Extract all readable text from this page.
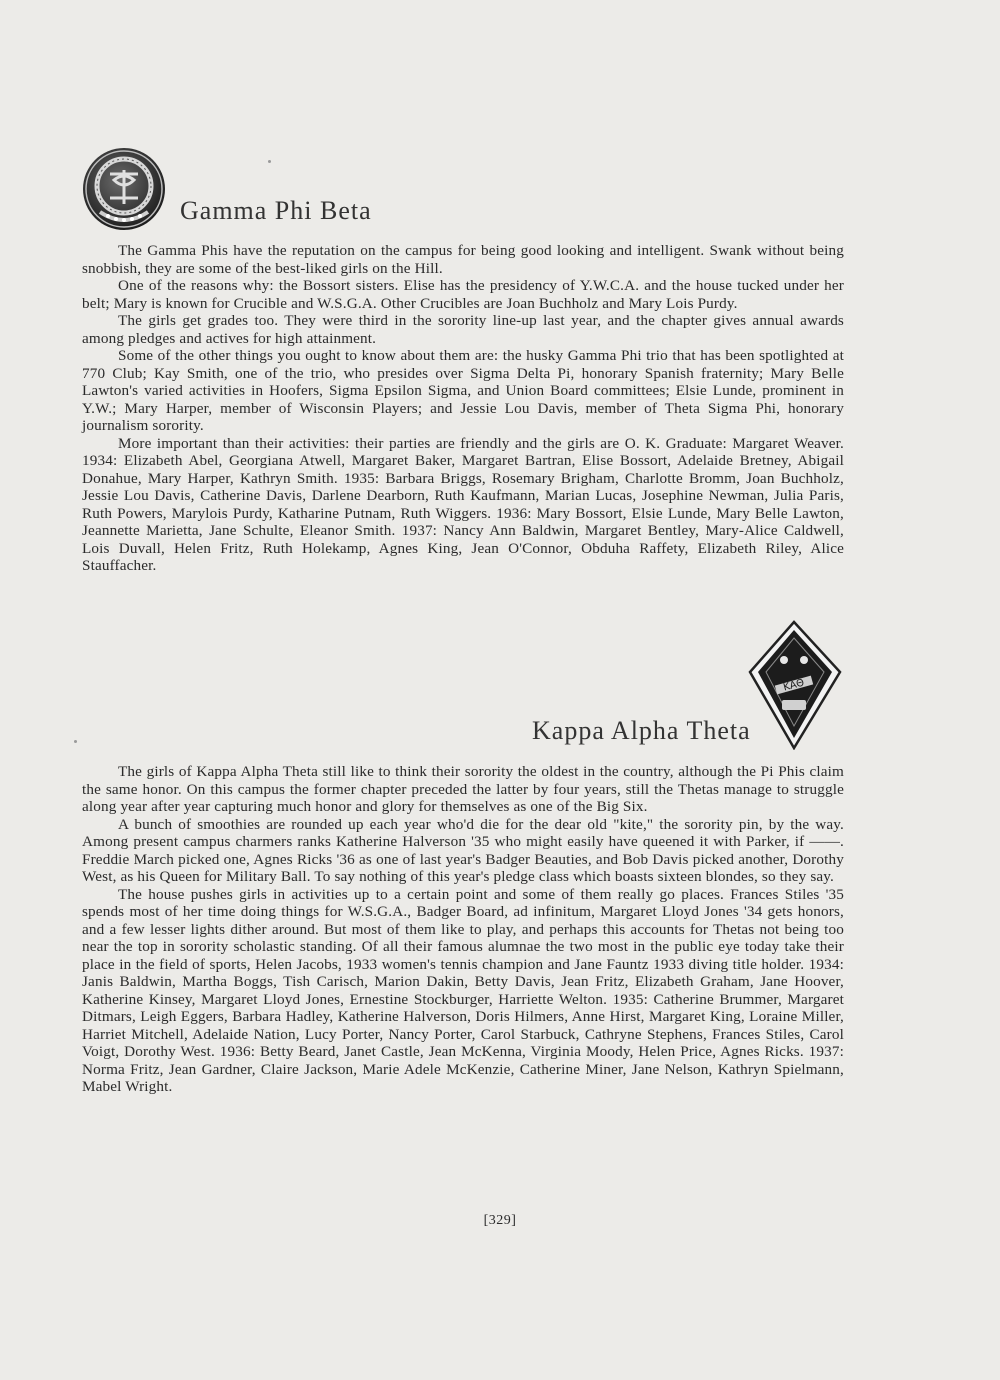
Gamma Phi Beta

The Gamma Phis have the reputation on the campus for being good looking and intelligent. Swank without being snobbish, they are some of the best-liked girls on the Hill.

One of the reasons why: the Bossort sisters. Elise has the presidency of Y.W.C.A. and the house tucked under her belt; Mary is known for Crucible and W.S.G.A. Other Crucibles are Joan Buchholz and Mary Lois Purdy.

The girls get grades too. They were third in the sorority line-up last year, and the chapter gives annual awards among pledges and actives for high attainment.

Some of the other things you ought to know about them are: the husky Gamma Phi trio that has been spotlighted at 770 Club; Kay Smith, one of the trio, who presides over Sigma Delta Pi, honorary Spanish fraternity; Mary Belle Lawton's varied activities in Hoofers, Sigma Epsilon Sigma, and Union Board committees; Elsie Lunde, prominent in Y.W.; Mary Harper, member of Wisconsin Players; and Jessie Lou Davis, member of Theta Sigma Phi, honorary journalism sorority.

More important than their activities: their parties are friendly and the girls are O. K. Graduate: Margaret Weaver. 1934: Elizabeth Abel, Georgiana Atwell, Margaret Baker, Margaret Bartran, Elise Bossort, Adelaide Bretney, Abigail Donahue, Mary Harper, Kathryn Smith. 1935: Barbara Briggs, Rosemary Brigham, Charlotte Bromm, Joan Buchholz, Jessie Lou Davis, Catherine Davis, Darlene Dearborn, Ruth Kaufmann, Marian Lucas, Josephine Newman, Julia Paris, Ruth Powers, Marylois Purdy, Katharine Putnam, Ruth Wiggers. 1936: Mary Bossort, Elsie Lunde, Mary Belle Lawton, Jeannette Marietta, Jane Schulte, Eleanor Smith. 1937: Nancy Ann Baldwin, Margaret Bentley, Mary-Alice Caldwell, Lois Duvall, Helen Fritz, Ruth Holekamp, Agnes King, Jean O'Connor, Obduha Raffety, Elizabeth Riley, Alice Stauffacher.

ΚΑΘ
Kappa Alpha Theta

The girls of Kappa Alpha Theta still like to think their sorority the oldest in the country, although the Pi Phis claim the same honor. On this campus the former chapter preceded the latter by four years, still the Thetas manage to struggle along year after year capturing much honor and glory for themselves as one of the Big Six.

A bunch of smoothies are rounded up each year who'd die for the dear old "kite," the sorority pin, by the way. Among present campus charmers ranks Katherine Halverson '35 who might easily have queened it with Parker, if ——. Freddie March picked one, Agnes Ricks '36 as one of last year's Badger Beauties, and Bob Davis picked another, Dorothy West, as his Queen for Military Ball. To say nothing of this year's pledge class which boasts sixteen blondes, so they say.

The house pushes girls in activities up to a certain point and some of them really go places. Frances Stiles '35 spends most of her time doing things for W.S.G.A., Badger Board, ad infinitum, Margaret Lloyd Jones '34 gets honors, and a few lesser lights dither around. But most of them like to play, and perhaps this accounts for Thetas not being too near the top in sorority scholastic standing. Of all their famous alumnae the two most in the public eye today take their place in the field of sports, Helen Jacobs, 1933 women's tennis champion and Jane Fauntz 1933 diving title holder. 1934: Janis Baldwin, Martha Boggs, Tish Carisch, Marion Dakin, Betty Davis, Jean Fritz, Elizabeth Graham, Jane Hoover, Katherine Kinsey, Margaret Lloyd Jones, Ernestine Stockburger, Harriette Welton. 1935: Catherine Brummer, Margaret Ditmars, Leigh Eggers, Barbara Hadley, Katherine Halverson, Doris Hilmers, Anne Hirst, Margaret King, Loraine Miller, Harriet Mitchell, Adelaide Nation, Lucy Porter, Nancy Porter, Carol Starbuck, Cathryne Stephens, Frances Stiles, Carol Voigt, Dorothy West. 1936: Betty Beard, Janet Castle, Jean McKenna, Virginia Moody, Helen Price, Agnes Ricks. 1937: Norma Fritz, Jean Gardner, Claire Jackson, Marie Adele McKenzie, Catherine Miner, Jane Nelson, Kathryn Spielmann, Mabel Wright.

[329]
